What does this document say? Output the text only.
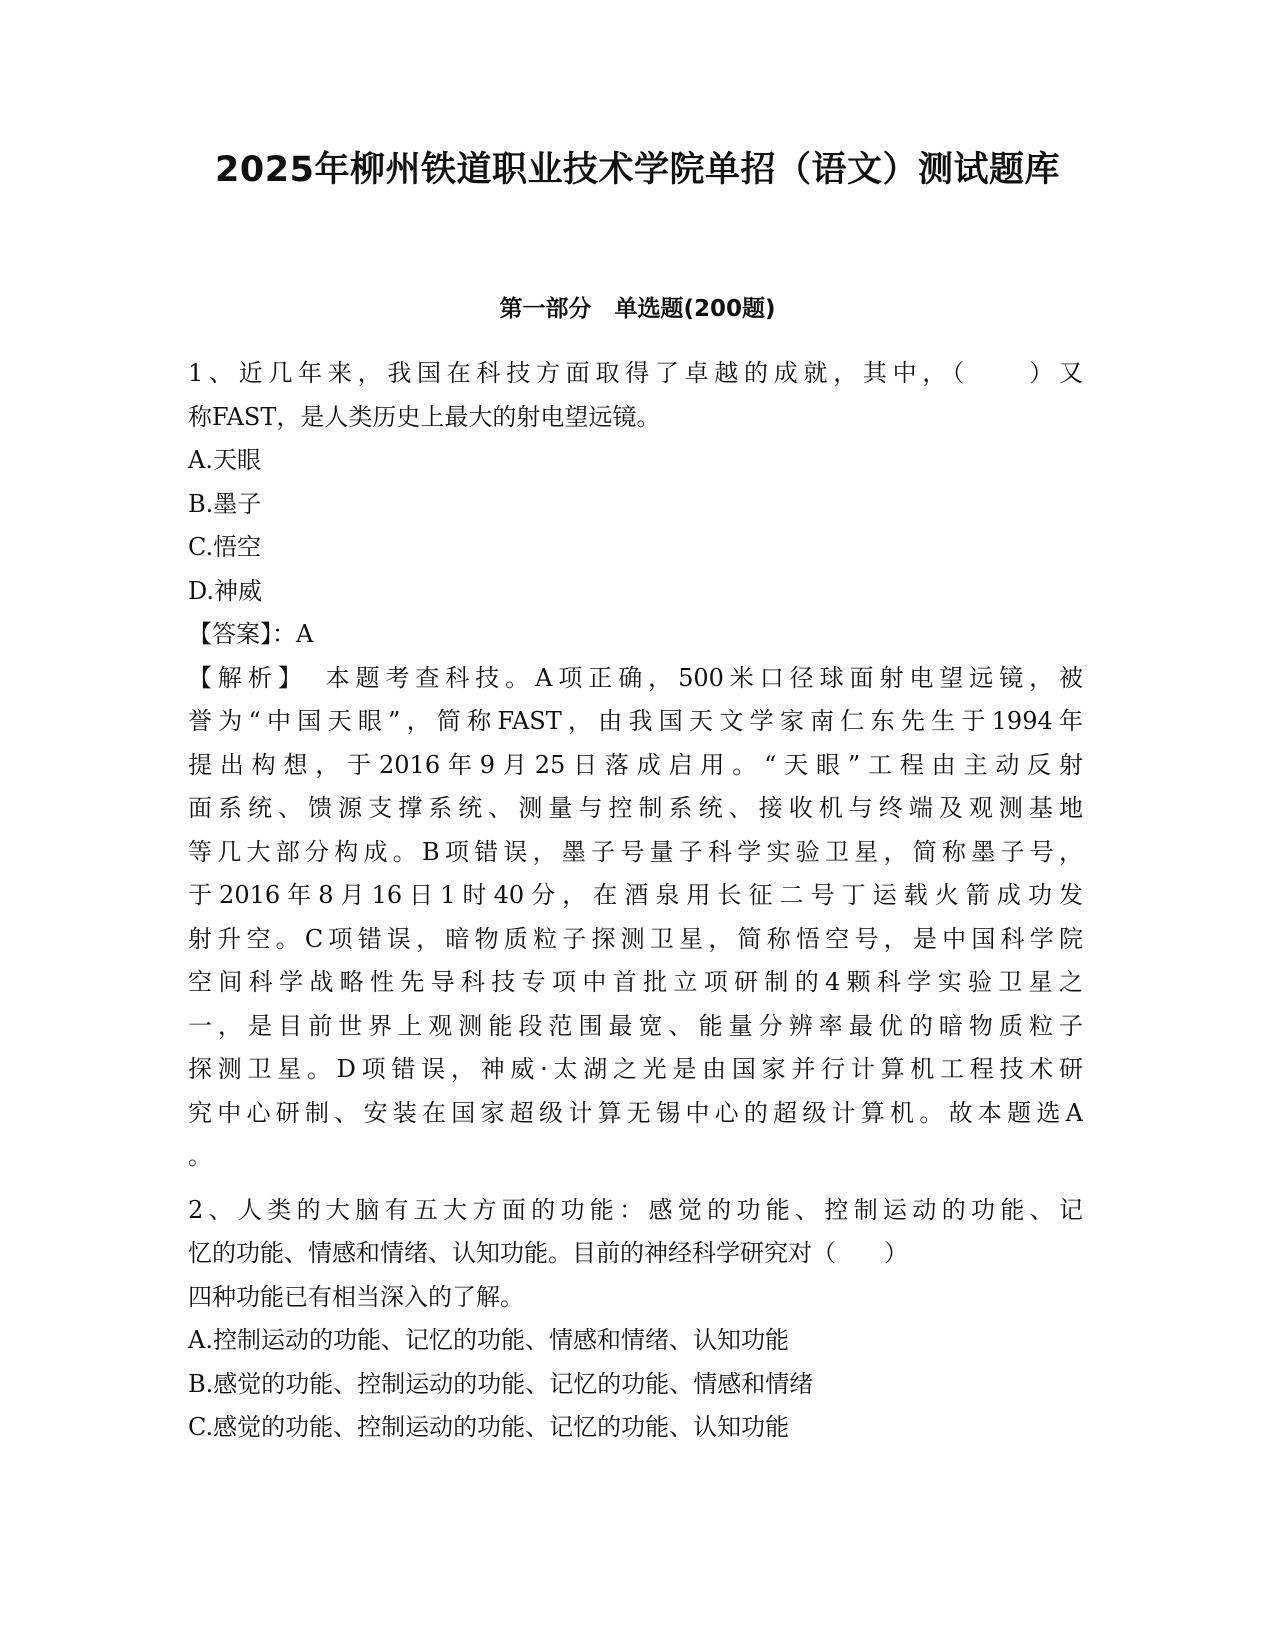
2025年柳州铁道职业技术学院单招（语文）测试题库
第一部分　单选题(200题)
1、近几年来，我国在科技方面取得了卓越的成就，其中，（　　）又
称FAST，是人类历史上最大的射电望远镜。
A.天眼
B.墨子
C.悟空
D.神威
【答案】：A
【解析】　本题考查科技。A项正确，500米口径球面射电望远镜，被
誉为“中国天眼”，简称FAST，由我国天文学家南仁东先生于1994年
提出构想，于2016年9月25日落成启用。“天眼”工程由主动反射
面系统、馈源支撑系统、测量与控制系统、接收机与终端及观测基地
等几大部分构成。B项错误，墨子号量子科学实验卫星，简称墨子号，
于2016年8月16日1时40分，在酒泉用长征二号丁运载火箭成功发
射升空。C项错误，暗物质粒子探测卫星，简称悟空号，是中国科学院
空间科学战略性先导科技专项中首批立项研制的4颗科学实验卫星之
一，是目前世界上观测能段范围最宽、能量分辨率最优的暗物质粒子
探测卫星。D项错误，神威·太湖之光是由国家并行计算机工程技术研
究中心研制、安装在国家超级计算无锡中心的超级计算机。故本题选A
。
2、人类的大脑有五大方面的功能：感觉的功能、控制运动的功能、记
忆的功能、情感和情绪、认知功能。目前的神经科学研究对（　　）
四种功能已有相当深入的了解。
A.控制运动的功能、记忆的功能、情感和情绪、认知功能
B.感觉的功能、控制运动的功能、记忆的功能、情感和情绪
C.感觉的功能、控制运动的功能、记忆的功能、认知功能
